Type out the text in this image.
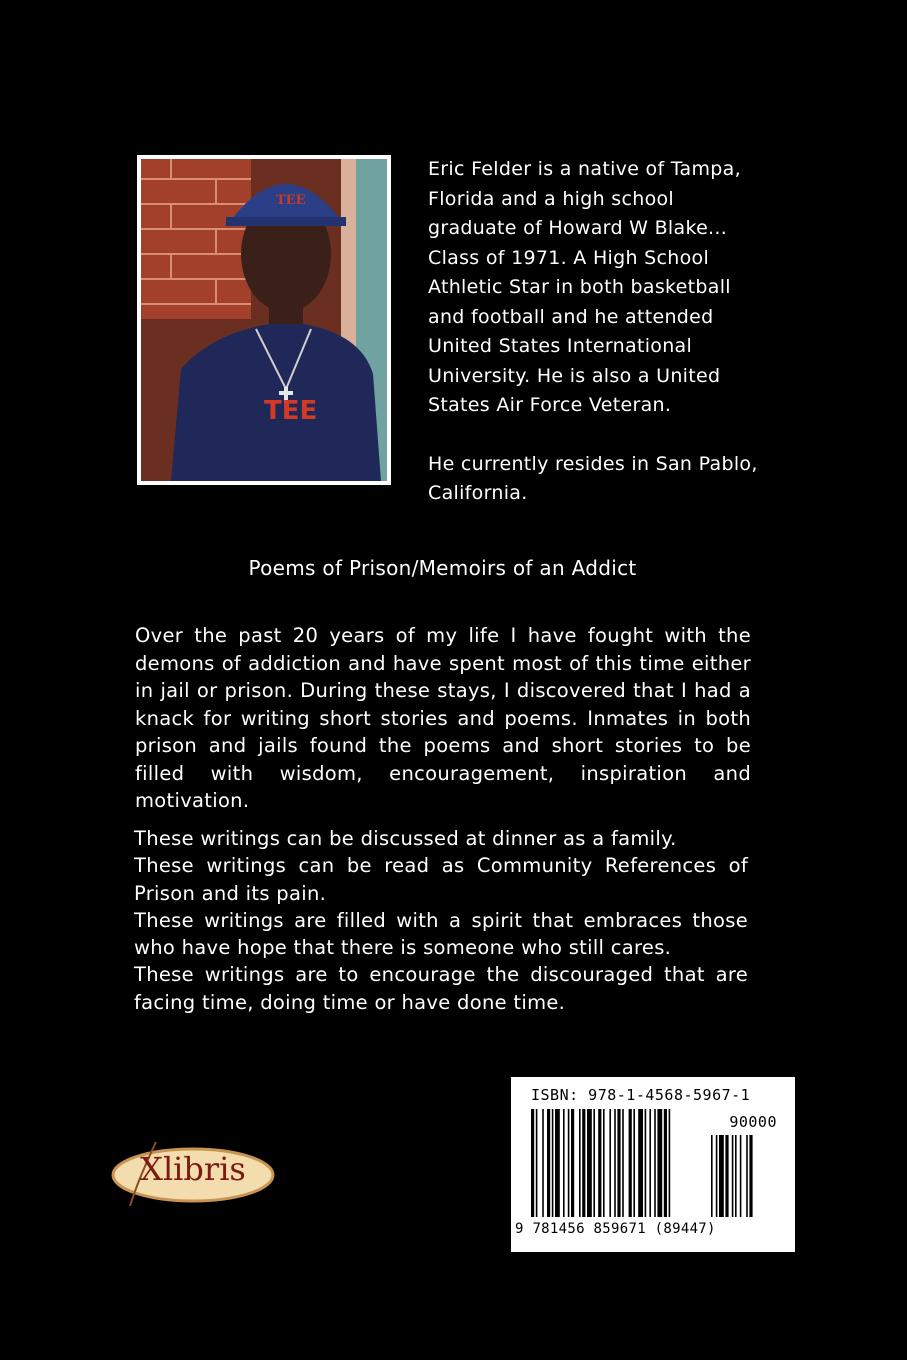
TEE
TEE

Eric Felder is a native of Tampa, Florida and a high school graduate of Howard W Blake... Class of 1971. A High School Athletic Star in both basketball and football and he attended United States International University. He is also a United States Air Force Veteran.

He currently resides in San Pablo, California.

Poems of Prison/Memoirs of an Addict
Over the past 20 years of my life I have fought with the demons of addiction and have spent most of this time either in jail or prison. During these stays, I discovered that I had a knack for writing short stories and poems. Inmates in both prison and jails found the poems and short stories to be filled with wisdom, encouragement, inspiration and motivation.
These writings can be discussed at dinner as a family.
These writings can be read as Community References of Prison and its pain.
These writings are filled with a spirit that embraces those who have hope that there is someone who still cares.
These writings are to encourage the discouraged that are facing time, doing time or have done time.
Xlibris
ISBN: 978-1-4568-5967-1
90000
9 781456 859671 (89447)
